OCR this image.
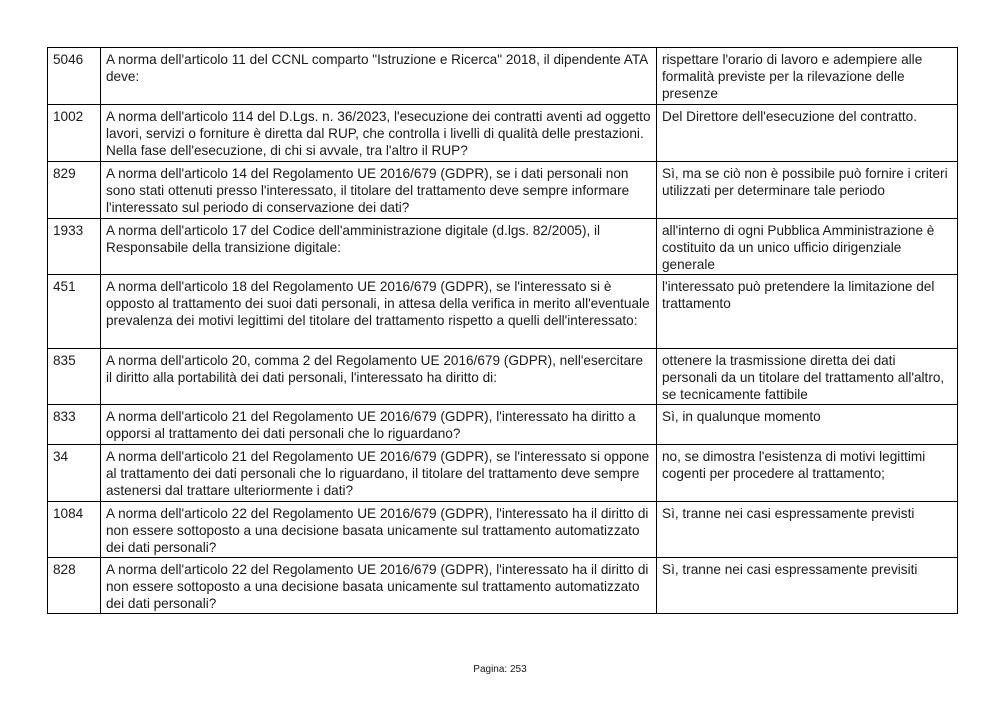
5046	A norma dell'articolo 11 del CCNL comparto "Istruzione e Ricerca" 2018, il dipendente ATA deve:	rispettare l'orario di lavoro e adempiere alle formalità previste per la rilevazione delle presenze
1002	A norma dell'articolo 114 del D.Lgs. n. 36/2023, l'esecuzione dei contratti aventi ad oggetto lavori, servizi o forniture è diretta dal RUP, che controlla i livelli di qualità delle prestazioni. Nella fase dell'esecuzione, di chi si avvale, tra l'altro il RUP?	Del Direttore dell'esecuzione del contratto.
829	A norma dell'articolo 14 del Regolamento UE 2016/679 (GDPR), se i dati personali non sono stati ottenuti presso l'interessato, il titolare del trattamento deve sempre informare l'interessato sul periodo di conservazione dei dati?	Sì, ma se ciò non è possibile può fornire i criteri utilizzati per determinare tale periodo
1933	A norma dell'articolo 17 del Codice dell'amministrazione digitale (d.lgs. 82/2005), il Responsabile della transizione digitale:	all'interno di ogni Pubblica Amministrazione è costituito da un unico ufficio dirigenziale generale
451	A norma dell'articolo 18 del Regolamento UE 2016/679 (GDPR), se l'interessato si è opposto al trattamento dei suoi dati personali, in attesa della verifica in merito all'eventuale prevalenza dei motivi legittimi del titolare del trattamento rispetto a quelli dell'interessato:	l'interessato può pretendere la limitazione del trattamento
835	A norma dell'articolo 20, comma 2 del Regolamento UE 2016/679 (GDPR), nell'esercitare il diritto alla portabilità dei dati personali, l'interessato ha diritto di:	ottenere la trasmissione diretta dei dati personali da un titolare del trattamento all'altro, se tecnicamente fattibile
833	A norma dell'articolo 21 del Regolamento UE 2016/679 (GDPR), l'interessato ha diritto a opporsi al trattamento dei dati personali che lo riguardano?	Sì, in qualunque momento
34	A norma dell'articolo 21 del Regolamento UE 2016/679 (GDPR), se l'interessato si oppone al trattamento dei dati personali che lo riguardano, il titolare del trattamento deve sempre astenersi dal trattare ulteriormente i dati?	no, se dimostra l'esistenza di motivi legittimi cogenti per procedere al trattamento;
1084	A norma dell'articolo 22 del Regolamento UE 2016/679 (GDPR), l'interessato ha il diritto di non essere sottoposto a una decisione basata unicamente sul trattamento automatizzato dei dati personali?	Sì, tranne nei casi espressamente previsti
828	A norma dell'articolo 22 del Regolamento UE 2016/679 (GDPR), l'interessato ha il diritto di non essere sottoposto a una decisione basata unicamente sul trattamento automatizzato dei dati personali?	Sì, tranne nei casi espressamente previsiti
Pagina: 253
